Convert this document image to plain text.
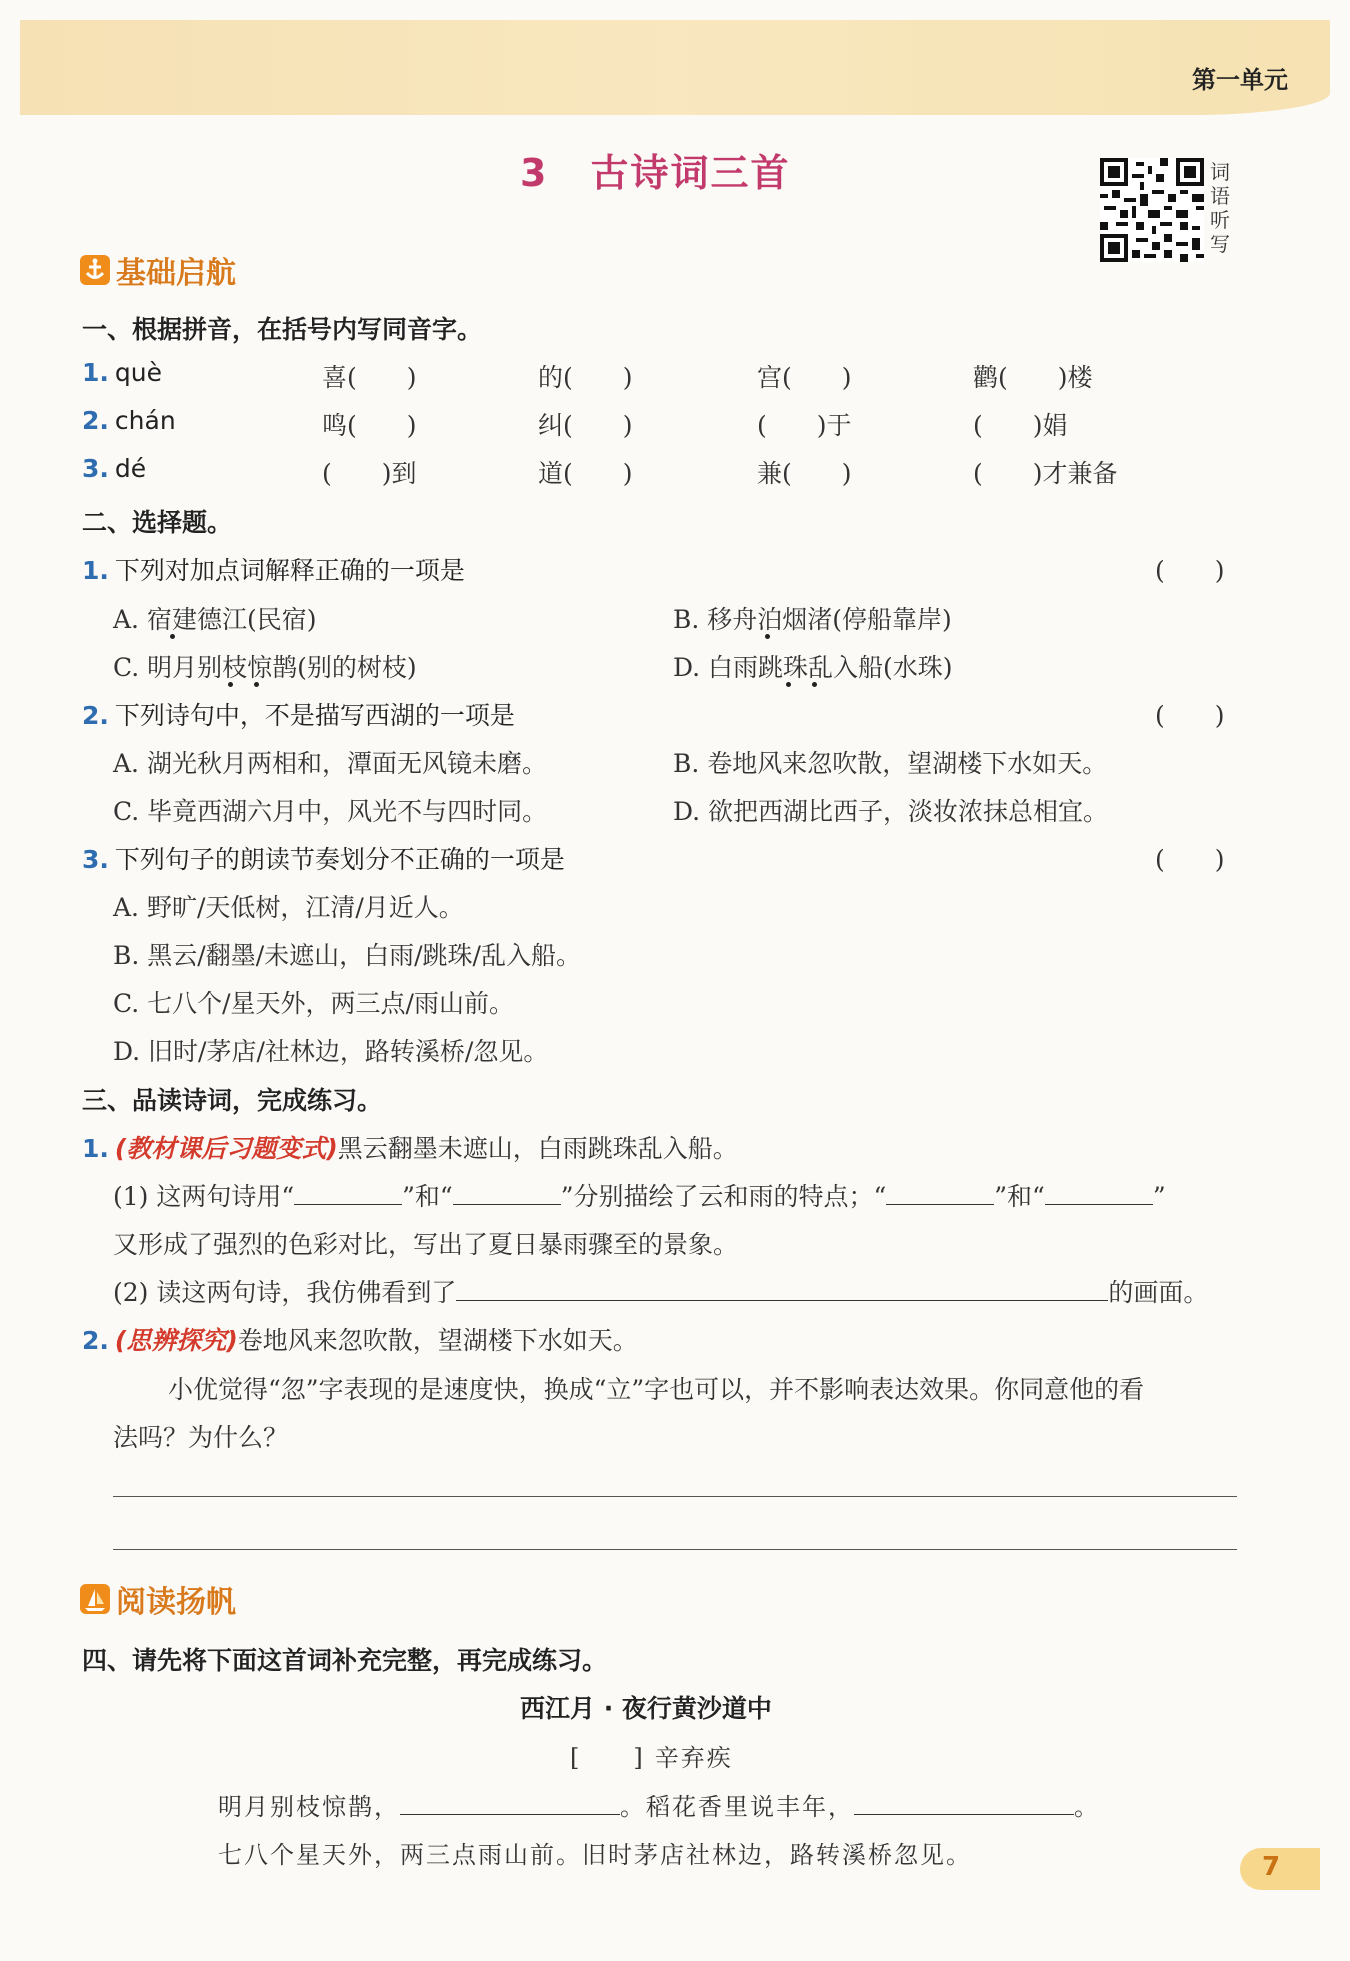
第一单元
3 古诗词三首	词语听写
基础启航
一、根据拼音，在括号内写同音字。
1. què	喜(　　)	的(　　)	宫(　　)	鹳(　　)楼
2. chán	鸣(　　)	纠(　　)	(　　)于	(　　)娟
3. dé	(　　)到	道(　　)	兼(　　)	(　　)才兼备
二、选择题。
1. 下列对加点词解释正确的一项是	(　　)
A. 宿建德江(民宿)	B. 移舟泊烟渚(停船靠岸)
C. 明月别枝惊鹊(别的树枝)	D. 白雨跳珠乱入船(水珠)
2. 下列诗句中，不是描写西湖的一项是	(　　)
A. 湖光秋月两相和，潭面无风镜未磨。	B. 卷地风来忽吹散，望湖楼下水如天。
C. 毕竟西湖六月中，风光不与四时同。	D. 欲把西湖比西子，淡妆浓抹总相宜。
3. 下列句子的朗读节奏划分不正确的一项是	(　　)
A. 野旷/天低树，江清/月近人。
B. 黑云/翻墨/未遮山，白雨/跳珠/乱入船。
C. 七八个/星天外，两三点/雨山前。
D. 旧时/茅店/社林边，路转溪桥/忽见。
三、品读诗词，完成练习。
1. (教材课后习题变式)黑云翻墨未遮山，白雨跳珠乱入船。
(1) 这两句诗用“	”和“	”分别描绘了云和雨的特点；“	”和“	”
又形成了强烈的色彩对比，写出了夏日暴雨骤至的景象。
(2) 读这两句诗，我仿佛看到了	的画面。
2. (思辨探究)卷地风来忽吹散，望湖楼下水如天。
小优觉得“忽”字表现的是速度快，换成“立”字也可以，并不影响表达效果。你同意他的看
法吗？为什么？
阅读扬帆
四、请先将下面这首词补充完整，再完成练习。
西江月 · 夜行黄沙道中
[　　] 辛弃疾
明月别枝惊鹊，	。稻花香里说丰年，	。
七八个星天外，两三点雨山前。旧时茅店社林边，路转溪桥忽见。	7
